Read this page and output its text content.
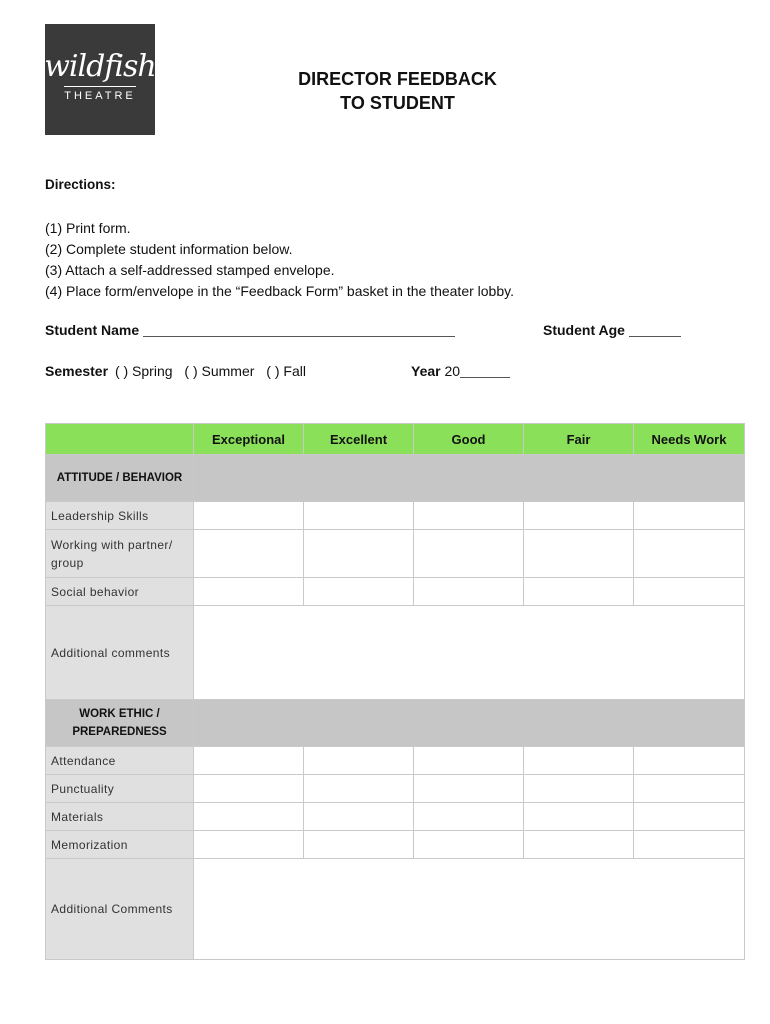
wildfish
THEATRE
DIRECTOR FEEDBACK
TO STUDENT
Directions:
(1) Print form.
(2) Complete student information below.
(3) Attach a self-addressed stamped envelope.
(4) Place form/envelope in the “Feedback Form” basket in the theater lobby.
Student Name	Student Age
Semester ( ) Spring ( ) Summer ( ) Fall	Year 20
	Exceptional	Excellent	Good	Fair	Needs Work
ATTITUDE / BEHAVIOR					
Leadership Skills					
Working with partner/ group					
Social behavior					
Additional comments					
WORK ETHIC / PREPAREDNESS					
Attendance					
Punctuality					
Materials					
Memorization					
Additional Comments					
